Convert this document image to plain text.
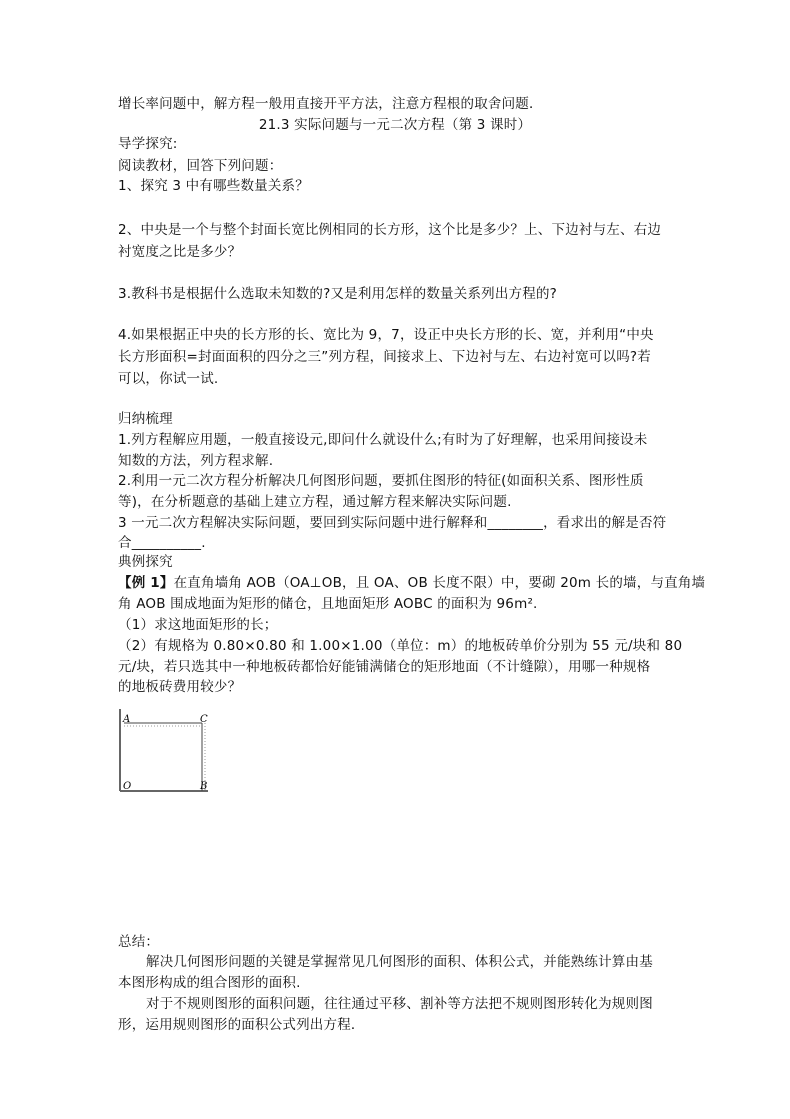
增长率问题中，解方程一般用直接开平方法，注意方程根的取舍问题．
21.3 实际问题与一元二次方程（第 3 课时）
导学探究:
阅读教材，回答下列问题：
1、探究 3 中有哪些数量关系？
2、中央是一个与整个封面长宽比例相同的长方形，这个比是多少？上、下边衬与左、右边
衬宽度之比是多少？
3.教科书是根据什么选取未知数的?又是利用怎样的数量关系列出方程的?
4.如果根据正中央的长方形的长、宽比为 9，7，设正中央长方形的长、宽，并利用“中央
长方形面积=封面面积的四分之三”列方程，间接求上、下边衬与左、右边衬宽可以吗?若
可以，你试一试.
归纳梳理
1.列方程解应用题，一般直接设元,即问什么就设什么;有时为了好理解，也采用间接设未
知数的方法，列方程求解.
2.利用一元二次方程分析解决几何图形问题，要抓住图形的特征(如面积关系、图形性质
等)，在分析题意的基础上建立方程，通过解方程来解决实际问题.
3 一元二次方程解决实际问题，要回到实际问题中进行解释和________，看求出的解是否符
合__________.
典例探究
【例 1】在直角墙角 AOB（OA⊥OB，且 OA、OB 长度不限）中，要砌 20m 长的墙，与直角墙
角 AOB 围成地面为矩形的储仓，且地面矩形 AOBC 的面积为 96m².
（1）求这地面矩形的长；
（2）有规格为 0.80×0.80 和 1.00×1.00（单位：m）的地板砖单价分别为 55 元/块和 80
元/块，若只选其中一种地板砖都恰好能铺满储仓的矩形地面（不计缝隙），用哪一种规格
的地板砖费用较少？
A	C
O	B
总结：
解决几何图形问题的关键是掌握常见几何图形的面积、体积公式，并能熟练计算由基
本图形构成的组合图形的面积.
对于不规则图形的面积问题，往往通过平移、割补等方法把不规则图形转化为规则图
形，运用规则图形的面积公式列出方程．
